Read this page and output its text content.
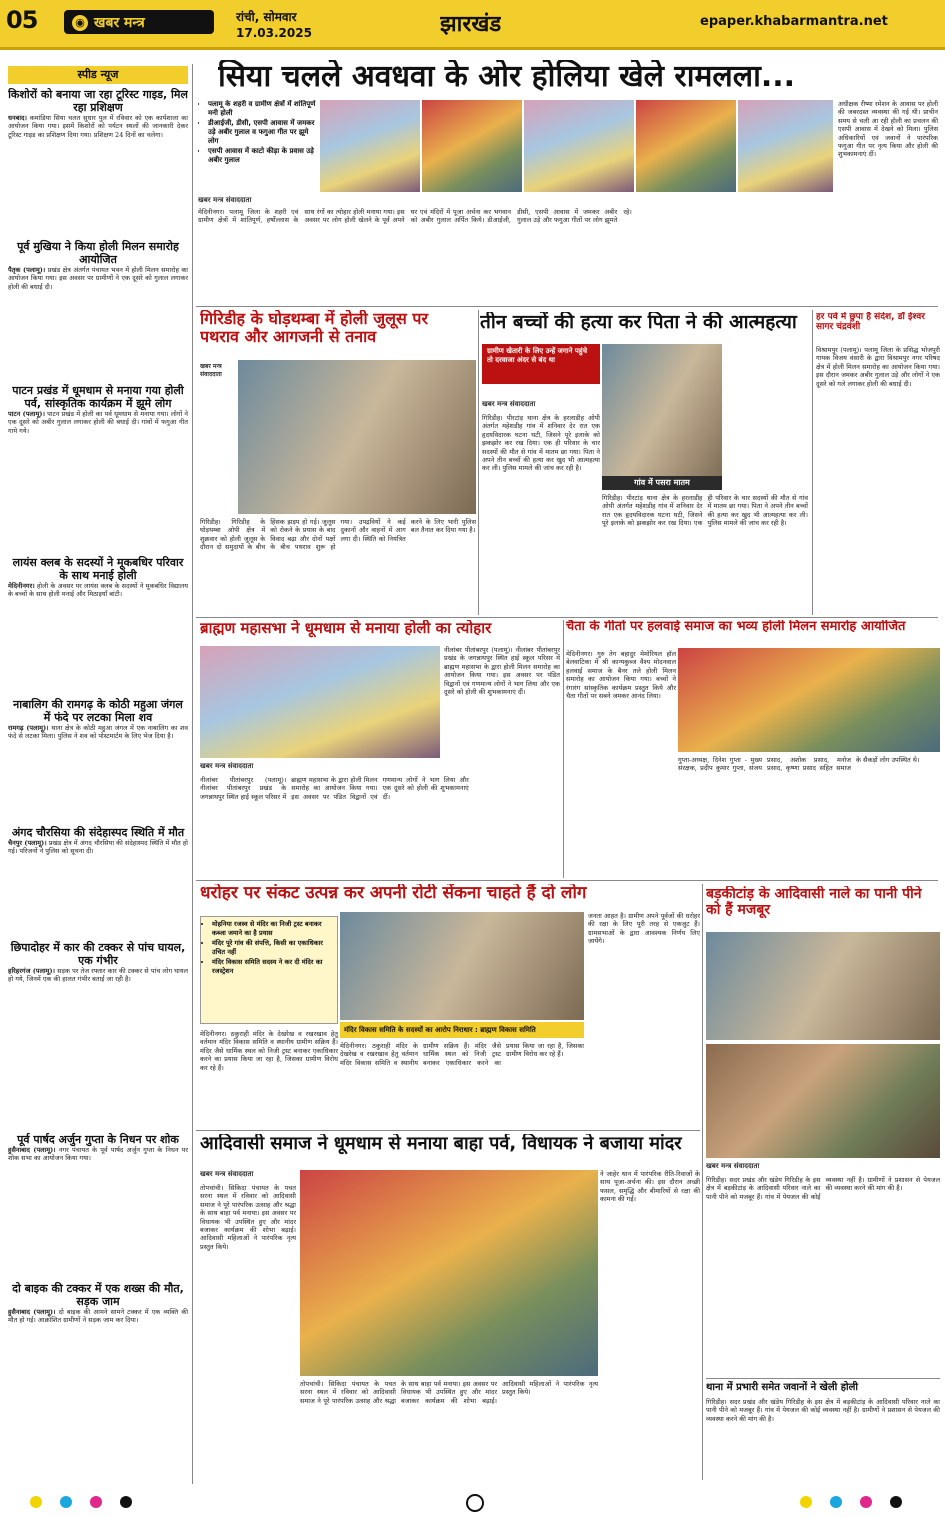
05	◉ खबर मन्त्र	रांची, सोमवार
17.03.2025	झारखंड	epaper.khabarmantra.net
स्पीड न्यूज
किशोरों को बनाया जा रहा टूरिस्ट गाइड, मिल रहा प्रशिक्षण
धनबाद। कमांडिया सिया चलत सुधार पुल में रविवार को एक कार्यशाला का आयोजन किया गया। इसमें किशोरों को पर्यटन स्थलों की जानकारी देकर टूरिस्ट गाइड का प्रशिक्षण दिया गया। प्रशिक्षण 24 दिनों का चलेगा।
पूर्व मुखिया ने किया होली मिलन समारोह आयोजित
पैतृक (पलामू)। प्रखंड क्षेत्र अंतर्गत पंचायत भवन में होली मिलन समारोह का आयोजन किया गया। इस अवसर पर ग्रामीणों ने एक दूसरे को गुलाल लगाकर होली की बधाई दी।
पाटन प्रखंड में धूमधाम से मनाया गया होली पर्व, सांस्कृतिक कार्यक्रम में झूमे लोग
पाटन (पलामू)। पाटन प्रखंड में होली का पर्व धूमधाम से मनाया गया। लोगों ने एक दूसरे को अबीर गुलाल लगाकर होली की बधाई दी। गांवों में फगुआ गीत गाये गये।
लायंस क्लब के सदस्यों ने मूकबधिर परिवार के साथ मनाई होली
मेदिनीनगर। होली के अवसर पर लायंस क्लब के सदस्यों ने मूकबधिर विद्यालय के बच्चों के साथ होली मनाई और मिठाइयाँ बांटी।
नाबालिग की रामगढ़ के कोठी महुआ जंगल में फंदे पर लटका मिला शव
रामगढ़ (पलामू)। थाना क्षेत्र के कोठी महुआ जंगल में एक नाबालिग का शव फंदे से लटका मिला। पुलिस ने शव को पोस्टमार्टम के लिए भेज दिया है।
अंगद चौरसिया की संदेहास्पद स्थिति में मौत
चैनपुर (पलामू)। प्रखंड क्षेत्र में अंगद चौरसिया की संदेहास्पद स्थिति में मौत हो गई। परिजनों ने पुलिस को सूचना दी।
छिपादोहर में कार की टक्कर से पांच घायल, एक गंभीर
हरिहरगंज (पलामू)। सड़क पर तेज रफ्तार कार की टक्कर से पांच लोग घायल हो गये, जिनमें एक की हालत गंभीर बताई जा रही है।
पूर्व पार्षद अर्जुन गुप्ता के निधन पर शोक
हुसैनाबाद (पलामू)। नगर पंचायत के पूर्व पार्षद अर्जुन गुप्ता के निधन पर शोक सभा का आयोजन किया गया।
दो बाइक की टक्कर में एक शख्स की मौत, सड़क जाम
हुसैनाबाद (पलामू)। दो बाइक की आमने सामने टक्कर में एक व्यक्ति की मौत हो गई। आक्रोशित ग्रामीणों ने सड़क जाम कर दिया।
सिया चलले अवधवा के ओर होलिया खेले रामलला...
• पलामू के शहरी व ग्रामीण क्षेत्रों में शांतिपूर्ण मनी होली
• डीआईजी, डीसी, एसपी आवास में जमकर उड़े अबीर गुलाल व फगुआ गीत पर झूमे लोग
• एसपी आवास में काटो कीड़ा के प्रवास उड़े अबीर गुलाल
खबर मन्त्र संवाददाता
मेदिनीनगर। पलामू जिला के शहरी एवं ग्रामीण क्षेत्रों में शांतिपूर्ण, हर्षोल्लास के साथ रंगों का त्योहार होली मनाया गया। इस अवसर पर लोग होली खेलने के पूर्व अपने घर एवं मंदिरों में पूजा अर्चना कर भगवान को अबीर गुलाल अर्पित किये। डीआईजी, डीसी, एसपी आवास में जमकर अबीर गुलाल उड़े और फगुआ गीतों पर लोग झूमते रहे।
अधीक्षक रीष्मा रमेशन के आवास पर होली की जबरदस्त व्यवस्था की गई थी। प्राचीन समय से चली आ रही होली का प्रचलन की एसपी आवास में देखने को मिला। पुलिस अधिकारियों एवं जवानों ने पारंपरिक फगुआ गीत पर नृत्य किया और होली की शुभकामनाएं दीं।
गिरिडीह के घोड़थम्बा में होली जुलूस पर पथराव और आगजनी से तनाव
खबर मन्त्र संवाददाता
गिरिडीह। गिरिडीह के घोड़थम्बा ओपी क्षेत्र में शुक्रवार को होली जुलूस के दौरान दो समुदायों के बीच हिंसक झड़प हो गई। जुलूस को रोकने के प्रयास के बाद विवाद बढ़ा और दोनों पक्षों के बीच पथराव शुरू हो गया। उपद्रवियों ने कई दुकानों और वाहनों में आग लगा दी। स्थिति को नियंत्रित करने के लिए भारी पुलिस बल तैनात कर दिया गया है।
तीन बच्चों की हत्या कर पिता ने की आत्महत्या
ग्रामीण खेतारी के लिए उन्हें जगाने पहुंचे तो दरवाजा अंदर से बंद था
खबर मन्त्र संवाददाता
गांव में पसरा मातम
गिरिडीह। पीरटांड़ थाना क्षेत्र के हरलाडीह ओपी अंतर्गत महेशडीह गांव में शनिवार देर रात एक हृदयविदारक घटना घटी, जिसने पूरे इलाके को झकझोर कर रख दिया। एक ही परिवार के चार सदस्यों की मौत से गांव में मातम छा गया। पिता ने अपने तीन बच्चों की हत्या कर खुद भी आत्महत्या कर ली। पुलिस मामले की जांच कर रही है।
गिरिडीह। पीरटांड़ थाना क्षेत्र के हरलाडीह ओपी अंतर्गत महेशडीह गांव में शनिवार देर रात एक हृदयविदारक घटना घटी, जिसने पूरे इलाके को झकझोर कर रख दिया। एक ही परिवार के चार सदस्यों की मौत से गांव में मातम छा गया। पिता ने अपने तीन बच्चों की हत्या कर खुद भी आत्महत्या कर ली। पुलिस मामले की जांच कर रही है।
हर पर्व में छुपा है संदेश, डॉ ईश्वर सागर चंद्रवंशी
विश्रामपुर (पलामू)। पलामू जिला के प्रसिद्ध भोजपुरी गायक विजय वंसारी के द्वारा विश्रामपुर नगर परिषद क्षेत्र में होली मिलन समारोह का आयोजन किया गया। इस दौरान जमकर अबीर गुलाल उड़े और लोगों ने एक दूसरे को गले लगाकर होली की बधाई दी।
ब्राह्मण महासभा ने धूमधाम से मनाया होली का त्योहार
खबर मन्त्र संवाददाता
नीलांबर पीतांबरपुर (पलामू)। नीलांबर पीतांबरपुर प्रखंड के जगन्नाथपुर स्थित हाई स्कूल परिसर में ब्राह्मण महासभा के द्वारा होली मिलन समारोह का आयोजन किया गया। इस अवसर पर पंडित विद्वानों एवं गणमान्य लोगों ने भाग लिया और एक दूसरे को होली की शुभकामनाएं दीं।
नीलांबर पीतांबरपुर (पलामू)। नीलांबर पीतांबरपुर प्रखंड के जगन्नाथपुर स्थित हाई स्कूल परिसर में ब्राह्मण महासभा के द्वारा होली मिलन समारोह का आयोजन किया गया। इस अवसर पर पंडित विद्वानों एवं गणमान्य लोगों ने भाग लिया और एक दूसरे को होली की शुभकामनाएं दीं।
चैता के गीतों पर हलवाई समाज का भव्य होली मिलन समारोह आयोजित
मेदिनीनगर। गुरु तेग बहादुर मेमोरियल हॉल बेलवाटिका में श्री कान्यकुब्ज वैश्य मोदनवाल हलवाई समाज के बैनर तले होली मिलन समारोह का आयोजन किया गया। बच्चों ने रंगारंग सांस्कृतिक कार्यक्रम प्रस्तुत किये और चैता गीतों पर सबने जमकर आनंद लिया।
गुप्ता-अध्यक्ष, दिनेश गुप्ता - मुख्य संरक्षक, प्रदीप कुमार गुप्ता, संजय प्रसाद, अशोक प्रसाद, मनोज प्रसाद, कृष्णा प्रसाद सहित समाज के सैकड़ों लोग उपस्थित थे।
धरोहर पर संकट उत्पन्न कर अपनी रोटी सेंकना चाहते हैं दो लोग
• मोहनिया रजस्व से मंदिर का निजी ट्रस्ट बनाकर कब्जा जमाने का है प्रयास
• मंदिर पूरे गांव की संपत्ति, किसी का एकाधिकार उचित नहीं
• मंदिर विकास समिति सदस्य ने कर दी मंदिर का रजस्ट्रेशन
मंदिर विकास समिति के सदस्यों का आरोप निराधार : ब्राह्मण विकास समिति
मेदिनीनगर। ठकुराही मंदिर के देखरेख व रखरखाव हेतु वर्तमान मंदिर विकास समिति व स्थानीय ग्रामीण सक्रिय हैं। मंदिर जैसे धार्मिक स्थल को निजी ट्रस्ट बनाकर एकाधिकार करने का प्रयास किया जा रहा है, जिसका ग्रामीण विरोध कर रहे हैं।
मेदिनीनगर। ठकुराही मंदिर के देखरेख व रखरखाव हेतु वर्तमान मंदिर विकास समिति व स्थानीय ग्रामीण सक्रिय हैं। मंदिर जैसे धार्मिक स्थल को निजी ट्रस्ट बनाकर एकाधिकार करने का प्रयास किया जा रहा है, जिसका ग्रामीण विरोध कर रहे हैं।
जनता आहत है। ग्रामीण अपने पूर्वजों की धरोहर की रक्षा के लिए पूरी तरह से एकजुट हैं। ग्रामसभाओं के द्वारा आवश्यक निर्णय लिए जायेंगे।
बड़कीटांड़ के आदिवासी नाले का पानी पीने को हैं मजबूर
खबर मन्त्र संवाददाता
गिरिडीह। सदर प्रखंड और खंडेय गिरिडीह के इस क्षेत्र में बड़कीटांड़ के आदिवासी परिवार नाले का पानी पीने को मजबूर हैं। गांव में पेयजल की कोई व्यवस्था नहीं है। ग्रामीणों ने प्रशासन से पेयजल की व्यवस्था करने की मांग की है।
थाना में प्रभारी समेत जवानों ने खेली होली
गिरिडीह। सदर प्रखंड और खंडेय गिरिडीह के इस क्षेत्र में बड़कीटांड़ के आदिवासी परिवार नाले का पानी पीने को मजबूर हैं। गांव में पेयजल की कोई व्यवस्था नहीं है। ग्रामीणों ने प्रशासन से पेयजल की व्यवस्था करने की मांग की है।
आदिवासी समाज ने धूमधाम से मनाया बाहा पर्व, विधायक ने बजाया मांदर
खबर मन्त्र संवाददाता
तोपचांची। सिकिदा पंचायत के पचत सरना स्थल में रविवार को आदिवासी समाज ने पूरे पारंपरिक उत्साह और श्रद्धा के साथ बाहा पर्व मनाया। इस अवसर पर विधायक भी उपस्थित हुए और मांदर बजाकर कार्यक्रम की शोभा बढ़ाई। आदिवासी महिलाओं ने पारंपरिक नृत्य प्रस्तुत किये।
ने जाहेर थान में पारंपरिक रीति-रिवाजों के साथ पूजा-अर्चना की। इस दौरान अच्छी फसल, समृद्धि और बीमारियों से रक्षा की कामना की गई।
तोपचांची। सिकिदा पंचायत के पचत सरना स्थल में रविवार को आदिवासी समाज ने पूरे पारंपरिक उत्साह और श्रद्धा के साथ बाहा पर्व मनाया। इस अवसर पर विधायक भी उपस्थित हुए और मांदर बजाकर कार्यक्रम की शोभा बढ़ाई। आदिवासी महिलाओं ने पारंपरिक नृत्य प्रस्तुत किये।
